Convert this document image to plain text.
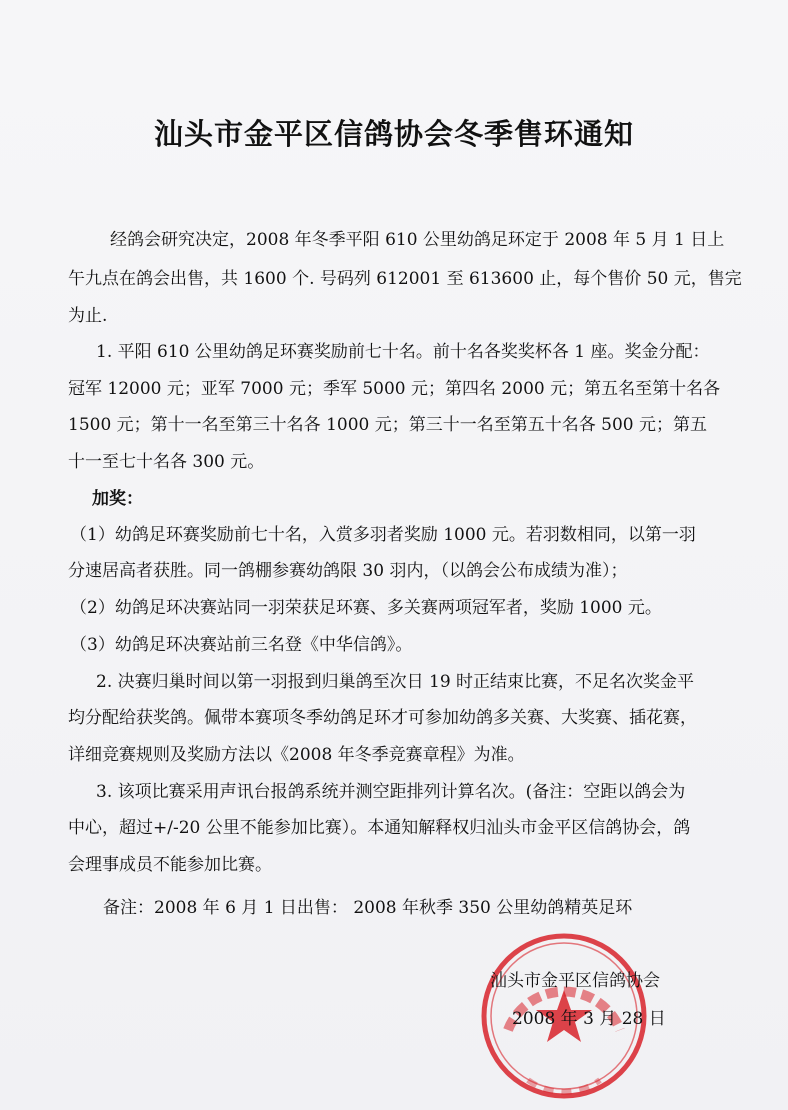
汕头市金平区信鸽协会冬季售环通知
经鸽会研究决定，2008 年冬季平阳 610 公里幼鸽足环定于 2008 年 5 月 1 日上
午九点在鸽会出售，共 1600 个. 号码列 612001 至 613600 止，每个售价 50 元，售完
为止.
1. 平阳 610 公里幼鸽足环赛奖励前七十名。前十名各奖奖杯各 1 座。奖金分配：
冠军 12000 元；亚军 7000 元；季军 5000 元；第四名 2000 元；第五名至第十名各
1500 元；第十一名至第三十名各 1000 元；第三十一名至第五十名各 500 元；第五
十一至七十名各 300 元。
加奖：
（1）幼鸽足环赛奖励前七十名，入赏多羽者奖励 1000 元。若羽数相同，以第一羽
分速居高者获胜。同一鸽棚参赛幼鸽限 30 羽内，（以鸽会公布成绩为准）；
（2）幼鸽足环决赛站同一羽荣获足环赛、多关赛两项冠军者，奖励 1000 元。
（3）幼鸽足环决赛站前三名登《中华信鸽》。
2. 决赛归巢时间以第一羽报到归巢鸽至次日 19 时正结束比赛，不足名次奖金平
均分配给获奖鸽。佩带本赛项冬季幼鸽足环才可参加幼鸽多关赛、大奖赛、插花赛，
详细竞赛规则及奖励方法以《2008 年冬季竞赛章程》为准。
3. 该项比赛采用声讯台报鸽系统并测空距排列计算名次。(备注：空距以鸽会为
中心，超过+/-20 公里不能参加比赛）。本通知解释权归汕头市金平区信鸽协会，鸽
会理事成员不能参加比赛。
备注：2008 年 6 月 1 日出售： 2008 年秋季 350 公里幼鸽精英足环
汕头市金平区信鸽协会
2008 年 3 月 28 日
